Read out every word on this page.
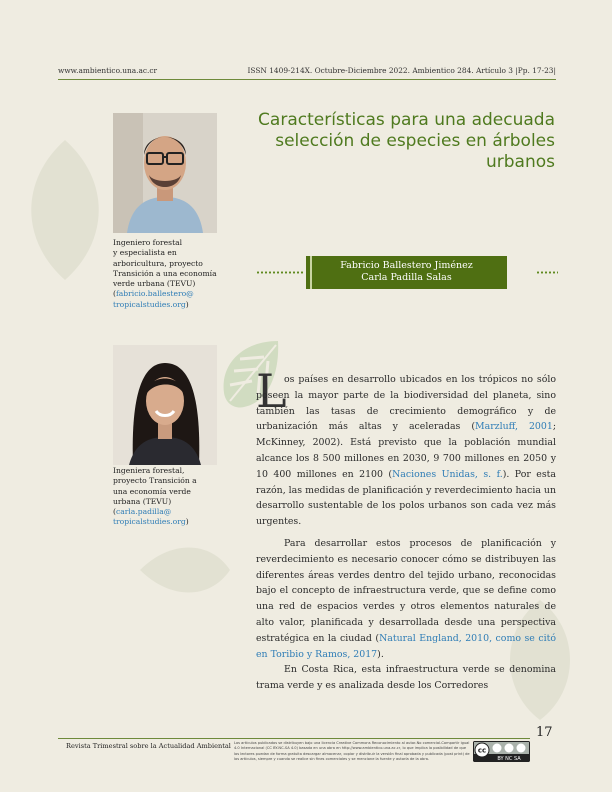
www.ambientico.una.ac.cr	ISSN 1409-214X. Octubre-Diciembre 2022. Ambientico 284. Artículo 3 |Pp. 17-23|
Características para una adecuada
selección de especies en árboles
urbanos
Ingeniero forestal
y especialista en
arboricultura, proyecto
Transición a una economía
verde urbana (TEVU)
(fabricio.ballestero@
tropicalstudies.org)
Ingeniera forestal,
proyecto Transición a
una economía verde
urbana (TEVU)
(carla.padilla@
tropicalstudies.org)
Fabricio Ballestero Jiménez
Carla Padilla Salas
L

os países en desarrollo ubicados en los trópicos no sólo poseen la mayor parte de la biodiversidad del planeta, sino también las tasas de crecimiento demográfico y de urbanización más altas y aceleradas (Marzluff, 2001; McKinney, 2002). Está previsto que la población mundial alcance los 8 500 millones en 2030, 9 700 millones en 2050 y 10 400 millones en 2100 (Naciones Unidas, s. f.). Por esta razón, las medidas de planificación y reverdecimiento hacia un desarrollo sustentable de los polos urbanos son cada vez más urgentes.

Para desarrollar estos procesos de planificación y reverdecimiento es necesario conocer cómo se distribuyen las diferentes áreas verdes dentro del tejido urbano, reconocidas bajo el concepto de infraestructura verde, que se define como una red de espacios verdes y otros elementos naturales de alto valor, planificada y desarrollada desde una perspectiva estratégica en la ciudad (Natural England, 2010, como se citó en Toribio y Ramos, 2017).

En Costa Rica, esta infraestructura verde se denomina trama verde y es analizada desde los Corredores

17
Revista Trimestral sobre la Actualidad Ambiental Los artículos publicados se distribuyen bajo una licencia Creative Commons Reconocimiento al autor-No comercial-Compartir igual 4.0 Internacional (CC BY-NC-SA 4.0) basada en una obra en http://www.ambientico.una.ac.cr, lo que implica la posibilidad de que los lectores puedan de forma gratuita descargar almacenar, copiar y distribuir la versión final aprobada y publicada (post print) de los artículos, siempre y cuando se realice sin fines comerciales y se mencione la fuente y autoría de la obra.
cc
BY NC SA
